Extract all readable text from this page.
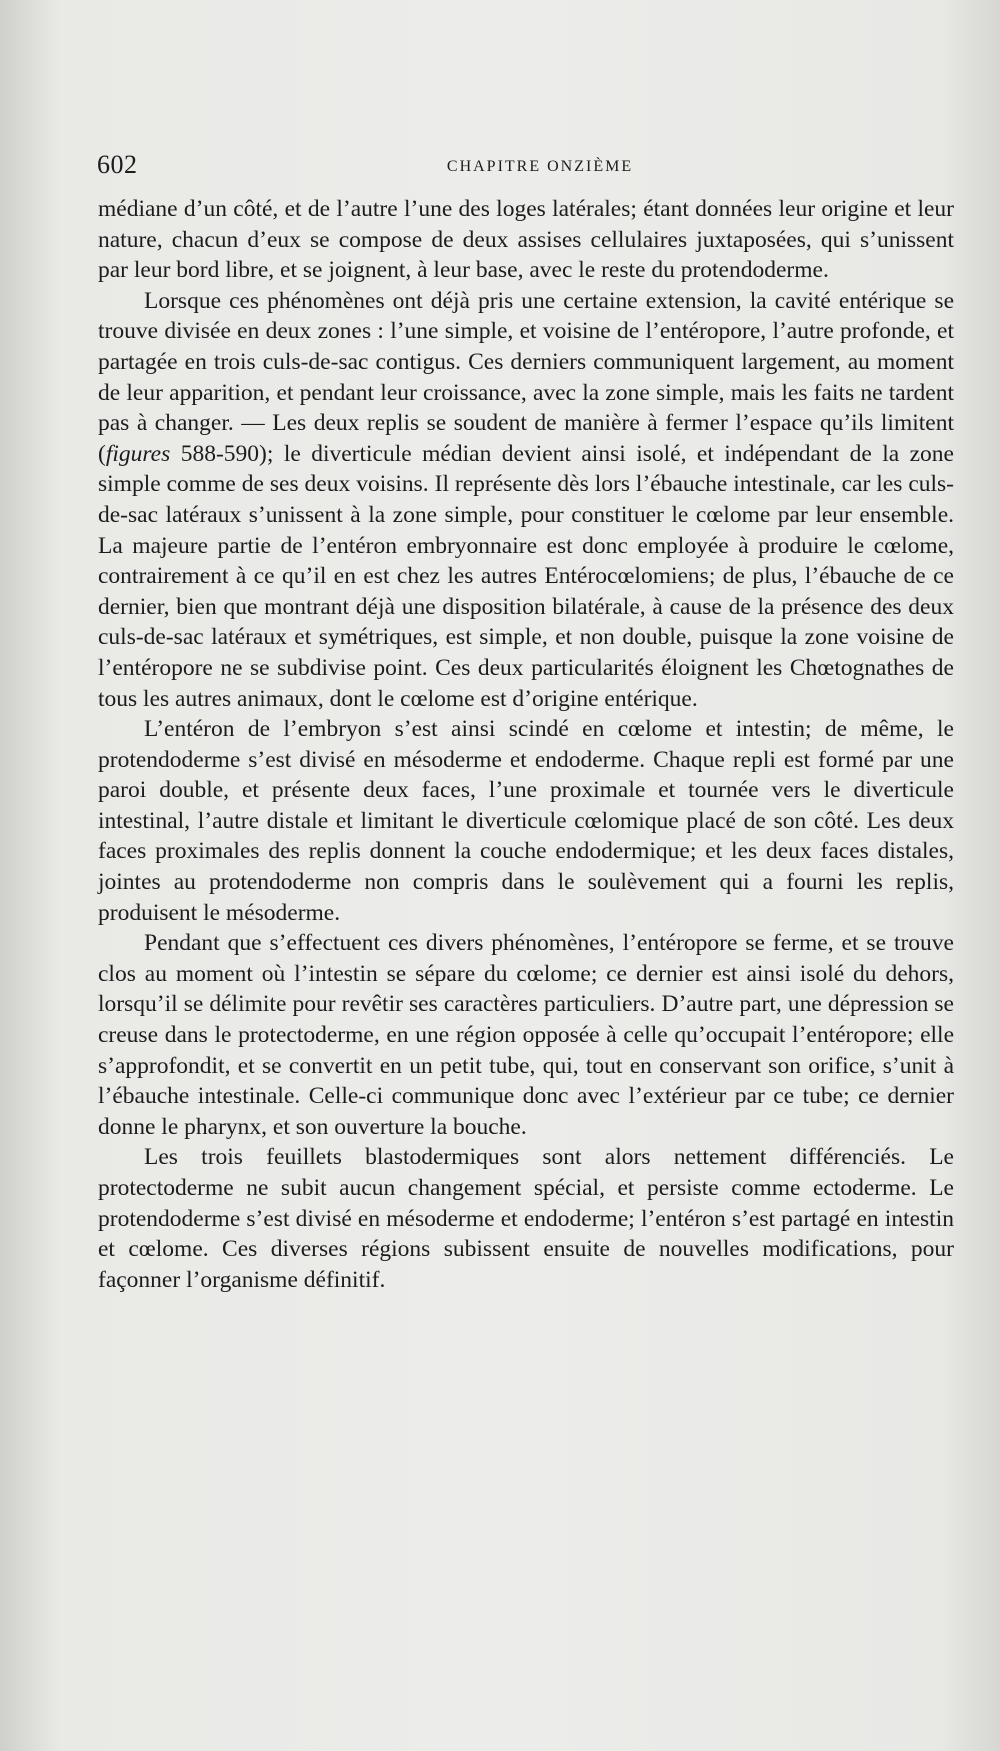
602	CHAPITRE ONZIÈME

médiane d’un côté, et de l’autre l’une des loges latérales; étant données leur origine et leur nature, chacun d’eux se compose de deux assises cellulaires juxtaposées, qui s’unissent par leur bord libre, et se joignent, à leur base, avec le reste du protendoderme.

Lorsque ces phénomènes ont déjà pris une certaine extension, la cavité entérique se trouve divisée en deux zones : l’une simple, et voisine de l’entéropore, l’autre profonde, et partagée en trois culs-de-sac contigus. Ces derniers communiquent largement, au moment de leur apparition, et pendant leur croissance, avec la zone simple, mais les faits ne tardent pas à changer. — Les deux replis se soudent de manière à fermer l’espace qu’ils limitent (figures 588-590); le diverticule médian devient ainsi isolé, et indépendant de la zone simple comme de ses deux voisins. Il représente dès lors l’ébauche intestinale, car les culs-de-sac latéraux s’unissent à la zone simple, pour constituer le cœlome par leur ensemble. La majeure partie de l’entéron embryonnaire est donc employée à produire le cœlome, contrairement à ce qu’il en est chez les autres Entérocœlomiens; de plus, l’ébauche de ce dernier, bien que montrant déjà une disposition bilatérale, à cause de la présence des deux culs-de-sac latéraux et symétriques, est simple, et non double, puisque la zone voisine de l’entéropore ne se subdivise point. Ces deux particularités éloignent les Chœtognathes de tous les autres animaux, dont le cœlome est d’origine entérique.

L’entéron de l’embryon s’est ainsi scindé en cœlome et intestin; de même, le protendoderme s’est divisé en mésoderme et endoderme. Chaque repli est formé par une paroi double, et présente deux faces, l’une proximale et tournée vers le diverticule intestinal, l’autre distale et limitant le diverticule cœlomique placé de son côté. Les deux faces proximales des replis donnent la couche endodermique; et les deux faces distales, jointes au protendoderme non compris dans le soulèvement qui a fourni les replis, produisent le mésoderme.

Pendant que s’effectuent ces divers phénomènes, l’entéropore se ferme, et se trouve clos au moment où l’intestin se sépare du cœlome; ce dernier est ainsi isolé du dehors, lorsqu’il se délimite pour revêtir ses caractères particuliers. D’autre part, une dépression se creuse dans le protectoderme, en une région opposée à celle qu’occupait l’entéropore; elle s’approfondit, et se convertit en un petit tube, qui, tout en conservant son orifice, s’unit à l’ébauche intestinale. Celle-ci communique donc avec l’extérieur par ce tube; ce dernier donne le pharynx, et son ouverture la bouche.

Les trois feuillets blastodermiques sont alors nettement différenciés. Le protectoderme ne subit aucun changement spécial, et persiste comme ectoderme. Le protendoderme s’est divisé en mésoderme et endoderme; l’entéron s’est partagé en intestin et cœlome. Ces diverses régions subissent ensuite de nouvelles modifications, pour façonner l’organisme définitif.
